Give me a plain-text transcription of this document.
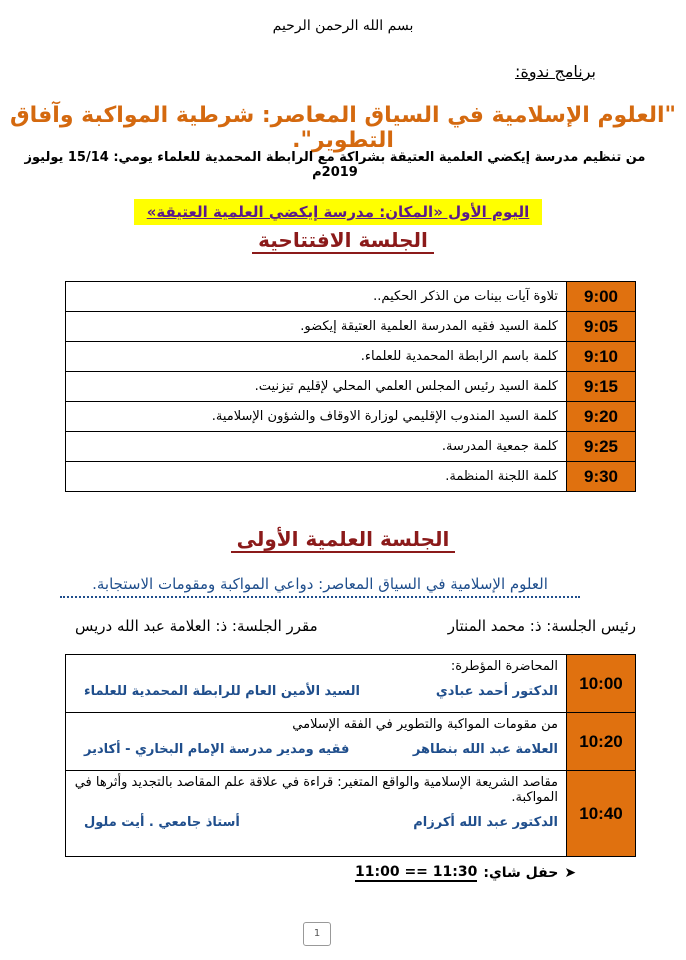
بسم الله الرحمن الرحيم
برنامج ندوة:
"العلوم الإسلامية في السياق المعاصر: شرطية المواكبة وآفاق التطوير".
من تنظيم مدرسة إيكضي العلمية العتيقة بشراكة مع الرابطة المحمدية للعلماء يومي: 15/14 يوليوز 2019م
اليوم الأول «المكان: مدرسة إيكضي العلمية العتيقة»
الجلسة الافتتاحية
تلاوة آيات بينات من الذكر الحكيم..	9:00
كلمة السيد فقيه المدرسة العلمية العتيقة إيكضو.	9:05
كلمة باسم الرابطة المحمدية للعلماء.	9:10
كلمة السيد رئيس المجلس العلمي المحلي لإقليم تيزنيت.	9:15
كلمة السيد المندوب الإقليمي لوزارة الاوقاف والشؤون الإسلامية.	9:20
كلمة جمعية المدرسة.	9:25
كلمة اللجنة المنظمة.	9:30
الجلسة العلمية الأولى
العلوم الإسلامية في السياق المعاصر: دواعي المواكبة ومقومات الاستجابة.
رئيس الجلسة: ذ: محمد المنتار
مقرر الجلسة: ذ: العلامة عبد الله دريس
المحاضرة المؤطرة:
الدكتور أحمد عبادي
السيد الأمين العام للرابطة المحمدية للعلماء	10:00

من مقومات المواكبة والتطوير في الفقه الإسلامي
العلامة عبد الله بنطاهر
فقيه ومدير مدرسة الإمام البخاري - أكادير	10:20

مقاصد الشريعة الإسلامية والواقع المتغير: قراءة في علاقة علم المقاصد بالتجديد وأثرها في المواكبة.
الدكتور عبد الله أكرزام
أستاذ جامعي . أيت ملول	10:40
➤
حفل شاي:
11:00 == 11:30
1
